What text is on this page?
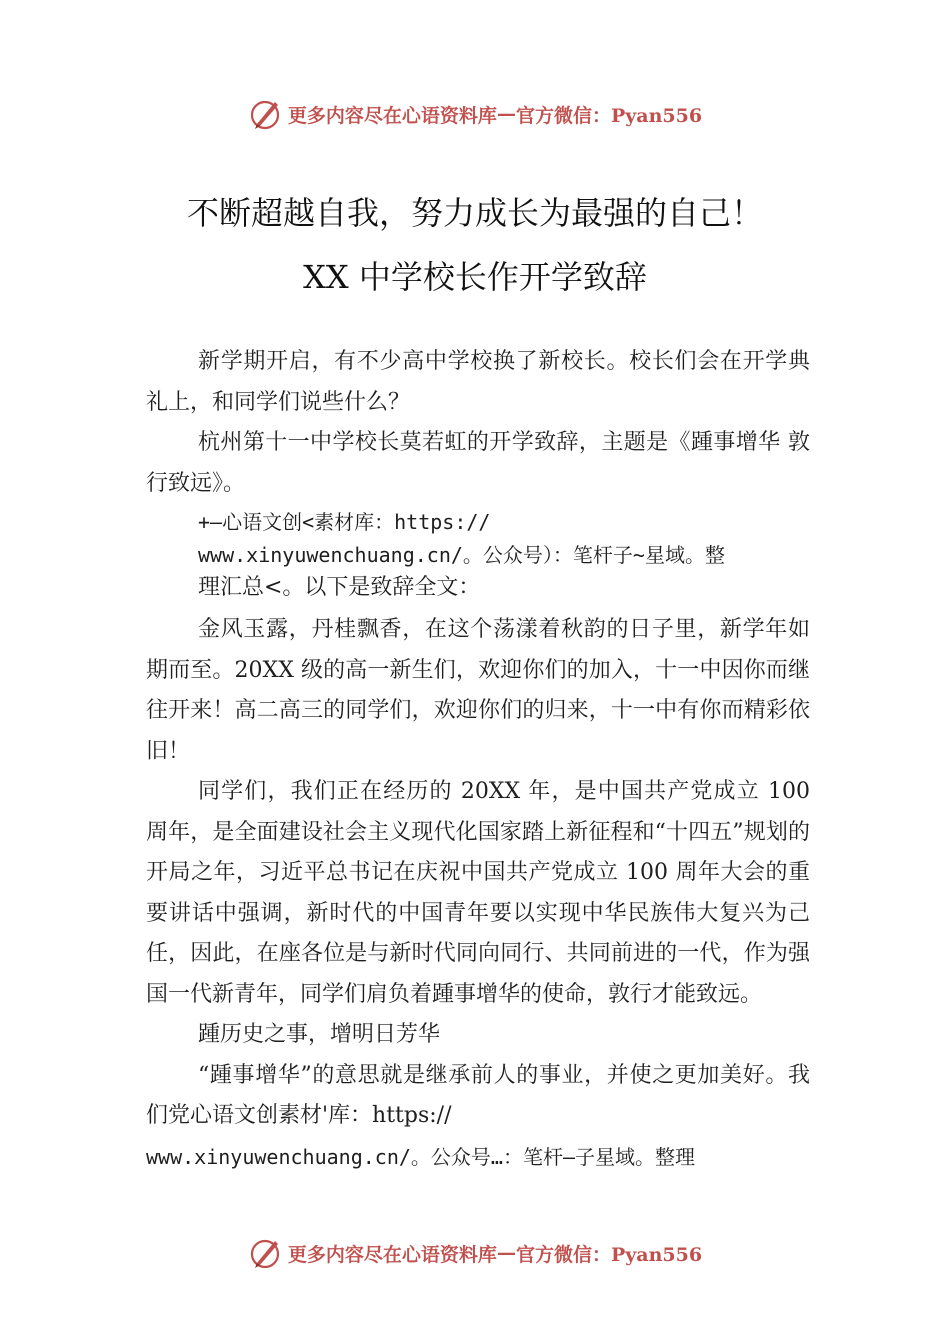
更多内容尽在心语资料库 — 官方微信：Pyan556
不断超越自我，努力成长为最强的自己！
XX 中学校长作开学致辞

新学期开启，有不少高中学校换了新校长。校长们会在开学典礼上，和同学们说些什么？

杭州第十一中学校长莫若虹的开学致辞，主题是《踵事增华 敦行致远》。

+—心语文创<素材库：https://
www.xinyuwenchuang.cn/。公众号）：笔杆子~星域。整
理汇总<。以下是致辞全文：

金风玉露，丹桂飘香，在这个荡漾着秋韵的日子里，新学年如期而至。20XX 级的高一新生们，欢迎你们的加入，十一中因你而继往开来！高二高三的同学们，欢迎你们的归来，十一中有你而精彩依旧！

同学们，我们正在经历的 20XX 年，是中国共产党成立 100 周年，是全面建设社会主义现代化国家踏上新征程和“十四五”规划的开局之年，习近平总书记在庆祝中国共产党成立 100 周年大会的重要讲话中强调，新时代的中国青年要以实现中华民族伟大复兴为己任，因此，在座各位是与新时代同向同行、共同前进的一代，作为强国一代新青年，同学们肩负着踵事增华的使命，敦行才能致远。

踵历史之事，增明日芳华

“踵事增华”的意思就是继承前人的事业，并使之更加美好。我们党心语文创素材'库：https://
www.xinyuwenchuang.cn/。公众号…：笔杆—子星域。整理

更多内容尽在心语资料库 — 官方微信：Pyan556
